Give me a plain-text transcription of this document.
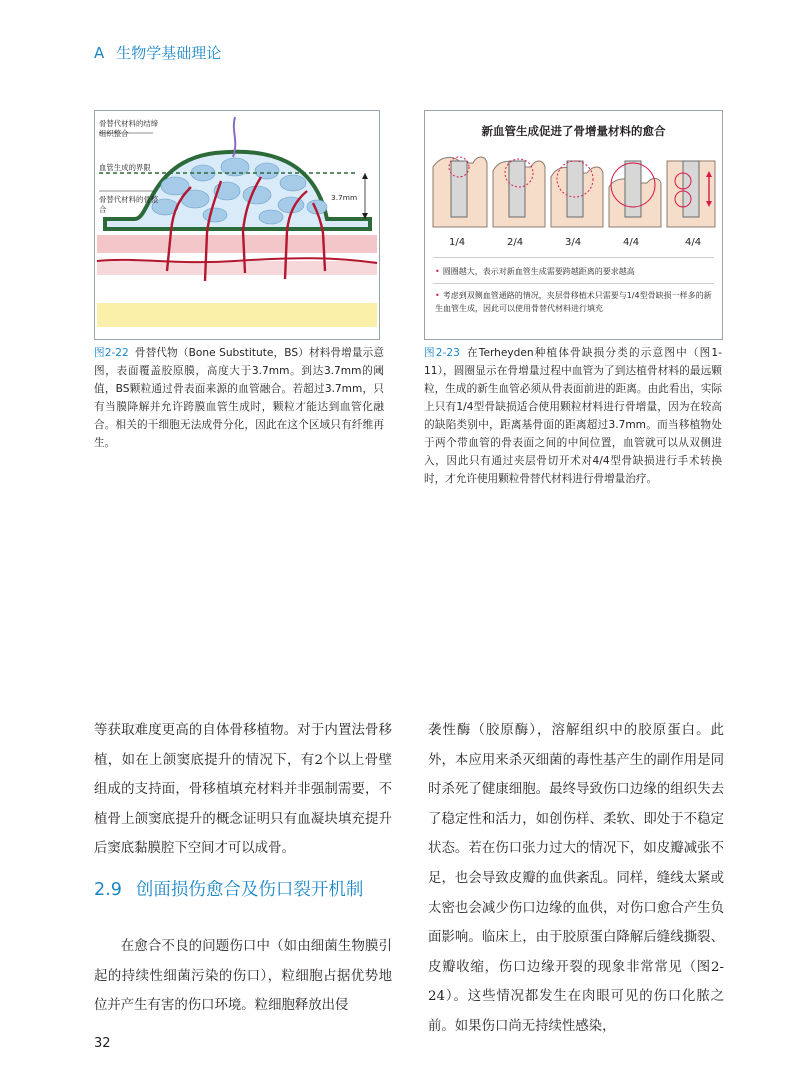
A 生物学基础理论
骨替代材料的结缔组织整合
血管生成的界限
骨替代材料的骨整合
3.7mm
新血管生成促进了骨增量材料的愈合
1/4	2/4	3/4	4/4	4/4
• 圆圈越大，表示对新血管生成需要跨越距离的要求越高
• 考虑到双侧血管通路的情况，夹层骨移植术只需要与1/4型骨缺损一样多的新生血管生成，因此可以使用骨替代材料进行填充
图2-22 骨替代物（Bone Substitute，BS）材料骨增量示意图，表面覆盖胶原膜，高度大于3.7mm。到达3.7mm的阈值，BS颗粒通过骨表面来源的血管融合。若超过3.7mm，只有当膜降解并允许跨膜血管生成时，颗粒才能达到血管化融合。相关的干细胞无法成骨分化，因此在这个区域只有纤维再生。
图2-23 在Terheyden种植体骨缺损分类的示意图中（图1-11），圆圈显示在骨增量过程中血管为了到达植骨材料的最远颗粒，生成的新生血管必须从骨表面前进的距离。由此看出，实际上只有1/4型骨缺损适合使用颗粒材料进行骨增量，因为在较高的缺陷类别中，距离基骨面的距离超过3.7mm。而当移植物处于两个带血管的骨表面之间的中间位置，血管就可以从双侧进入，因此只有通过夹层骨切开术对4/4型骨缺损进行手术转换时，才允许使用颗粒骨替代材料进行骨增量治疗。

等获取难度更高的自体骨移植物。对于内置法骨移植，如在上颌窦底提升的情况下，有2个以上骨壁组成的支持面，骨移植填充材料并非强制需要，不植骨上颌窦底提升的概念证明只有血凝块填充提升后窦底黏膜腔下空间才可以成骨。

2.9 创面损伤愈合及伤口裂开机制

在愈合不良的问题伤口中（如由细菌生物膜引起的持续性细菌污染的伤口），粒细胞占据优势地位并产生有害的伤口环境。粒细胞释放出侵

袭性酶（胶原酶），溶解组织中的胶原蛋白。此外，本应用来杀灭细菌的毒性基产生的副作用是同时杀死了健康细胞。最终导致伤口边缘的组织失去了稳定性和活力，如创伤样、柔软、即处于不稳定状态。若在伤口张力过大的情况下，如皮瓣减张不足，也会导致皮瓣的血供紊乱。同样，缝线太紧或太密也会减少伤口边缘的血供，对伤口愈合产生负面影响。临床上，由于胶原蛋白降解后缝线撕裂、皮瓣收缩，伤口边缘开裂的现象非常常见（图2-24）。这些情况都发生在肉眼可见的伤口化脓之前。如果伤口尚无持续性感染，

32
